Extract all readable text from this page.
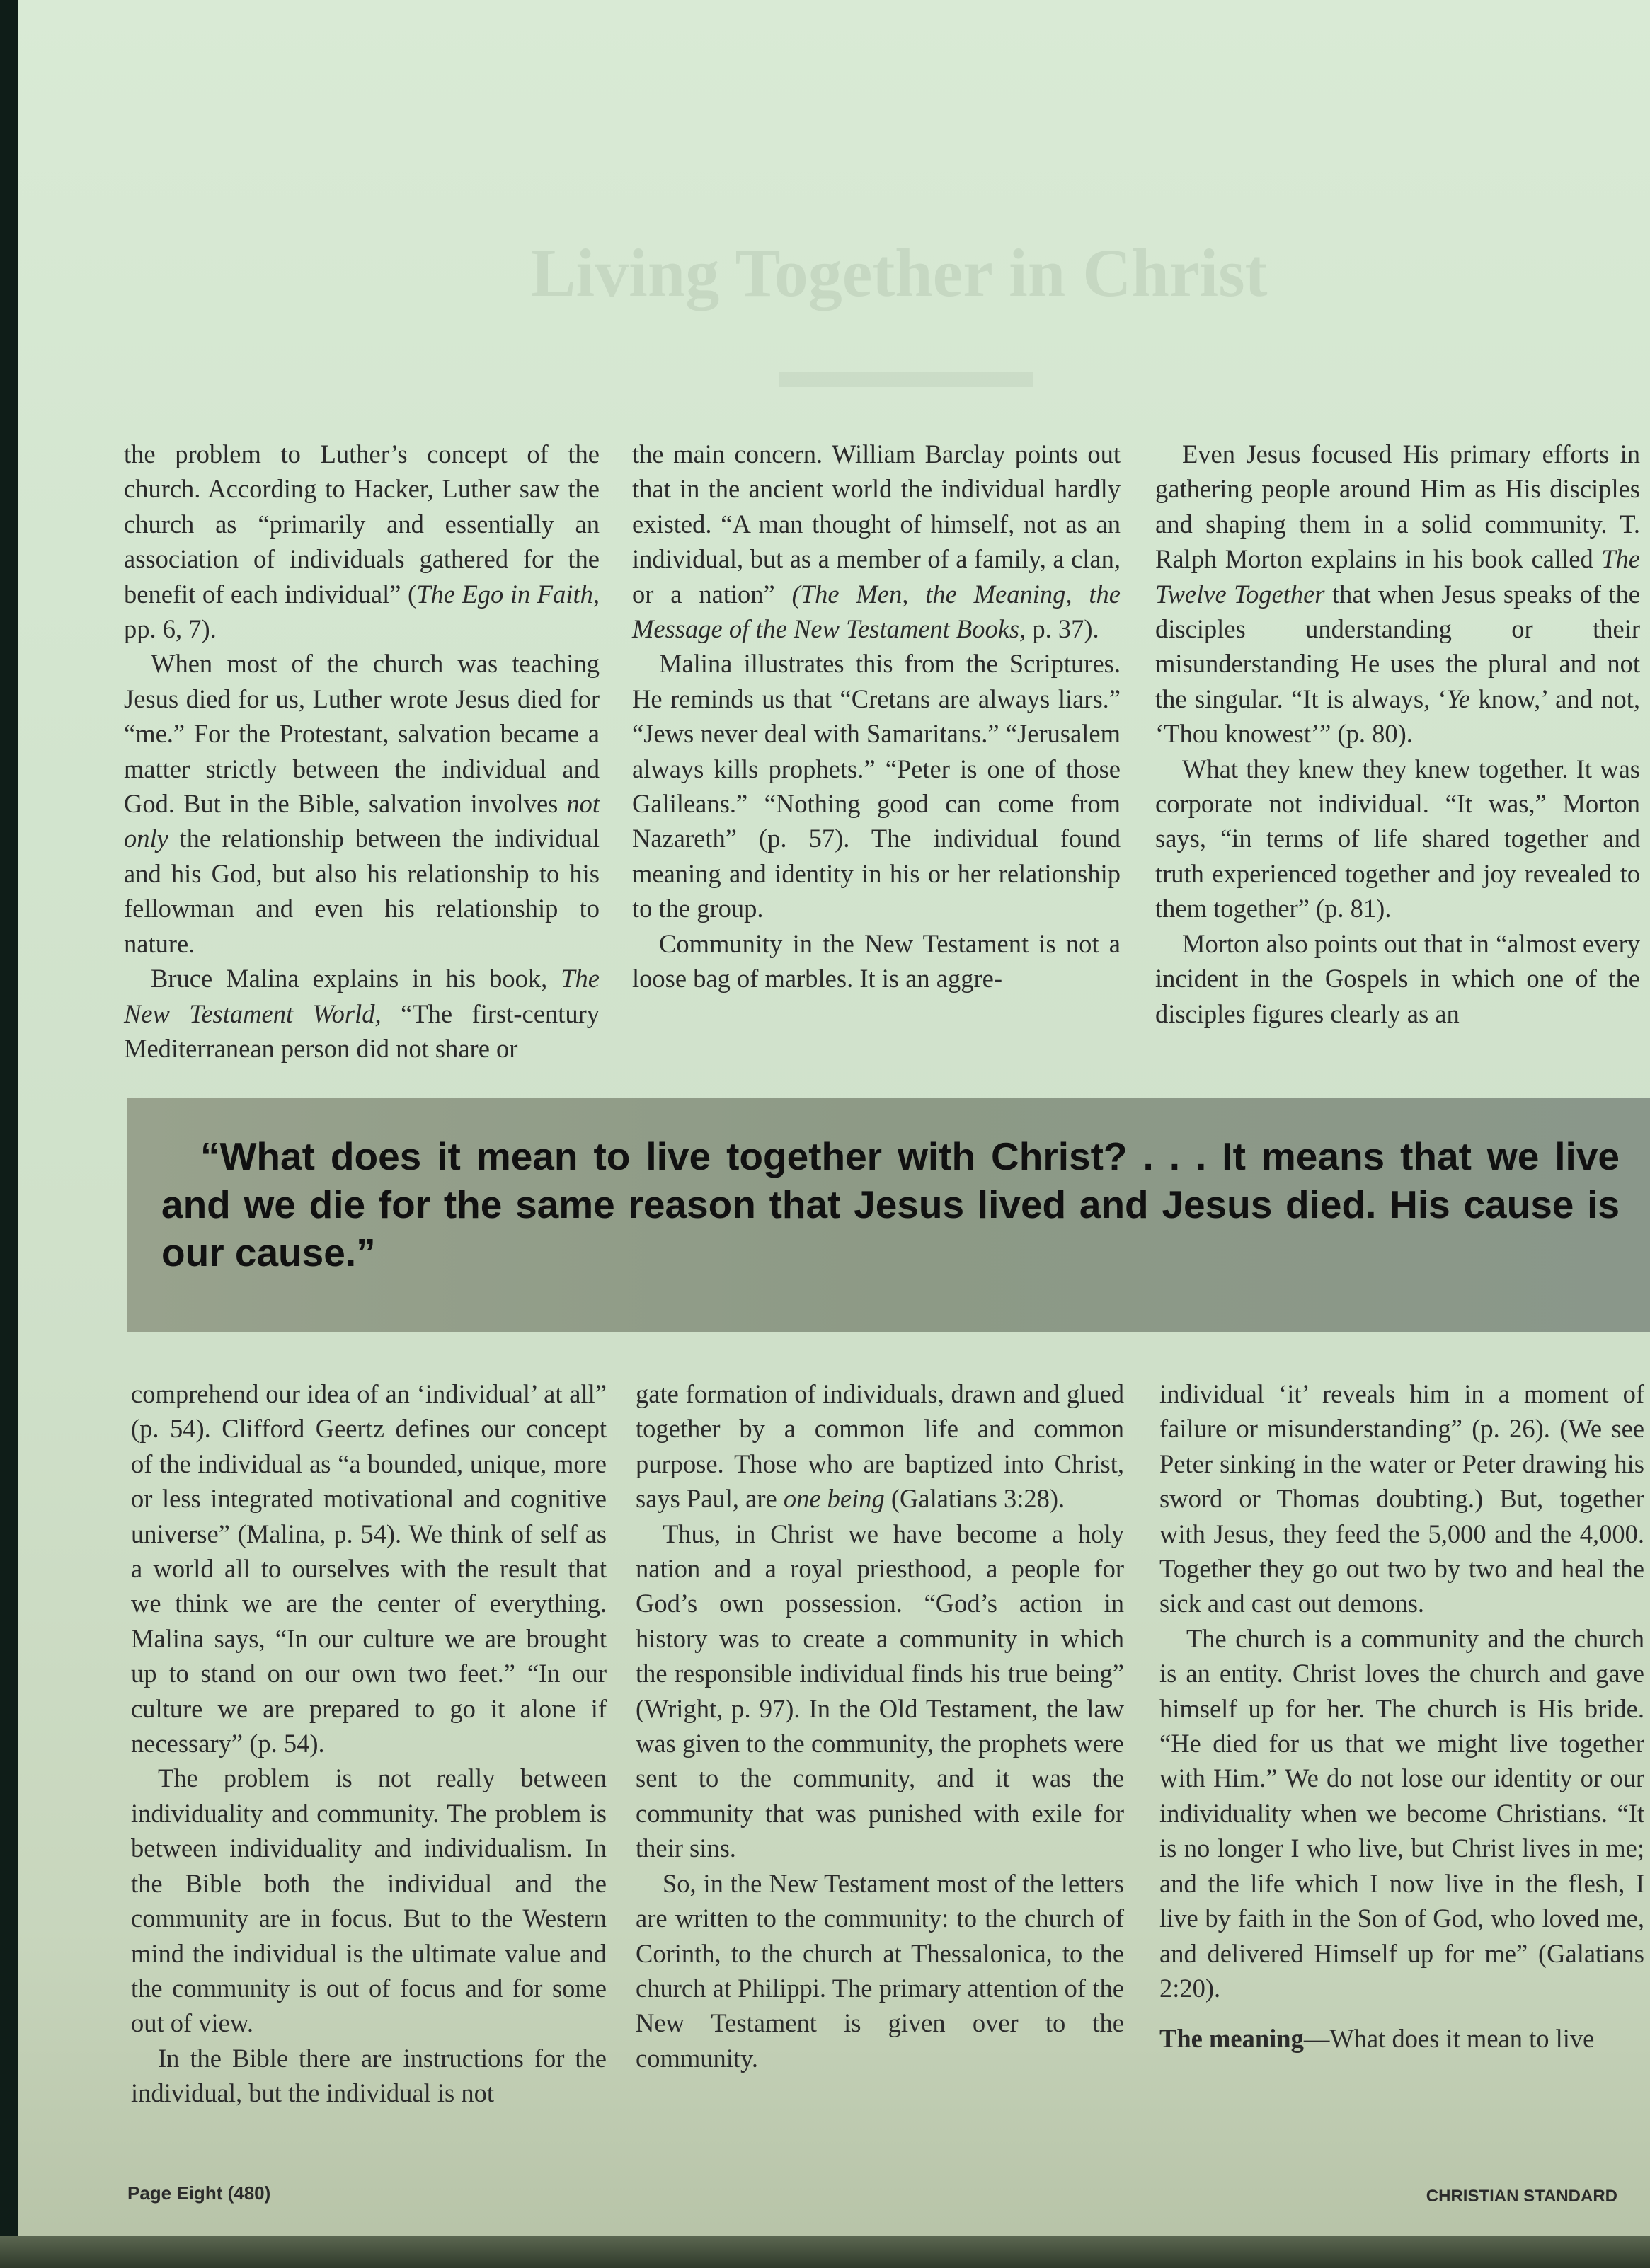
Living Together in Christ

the problem to Luther’s concept of the church. According to Hacker, Luther saw the church as “primarily and essentially an association of individuals gathered for the benefit of each individual” (The Ego in Faith, pp. 6, 7).

When most of the church was teaching Jesus died for us, Luther wrote Jesus died for “me.” For the Protestant, salvation became a matter strictly between the individual and God. But in the Bible, salvation involves not only the relationship between the individual and his God, but also his relationship to his fellowman and even his relationship to nature.

Bruce Malina explains in his book, The New Testament World, “The first-century Mediterranean person did not share or

the main concern. William Barclay points out that in the ancient world the individual hardly existed. “A man thought of himself, not as an individual, but as a member of a family, a clan, or a nation” (The Men, the Meaning, the Message of the New Testament Books, p. 37).

Malina illustrates this from the Scriptures. He reminds us that “Cretans are always liars.” “Jews never deal with Samaritans.” “Jerusalem always kills prophets.” “Peter is one of those Galileans.” “Nothing good can come from Nazareth” (p. 57). The individual found meaning and identity in his or her relationship to the group.

Community in the New Testament is not a loose bag of marbles. It is an aggre-

Even Jesus focused His primary efforts in gathering people around Him as His disciples and shaping them in a solid community. T. Ralph Morton explains in his book called The Twelve Together that when Jesus speaks of the disciples understanding or their misunderstanding He uses the plural and not the singular. “It is always, ‘Ye know,’ and not, ‘Thou knowest’” (p. 80).

What they knew they knew together. It was corporate not individual. “It was,” Morton says, “in terms of life shared together and truth experienced together and joy revealed to them together” (p. 81).

Morton also points out that in “almost every incident in the Gospels in which one of the disciples figures clearly as an

“What does it mean to live together with Christ? . . . It means that we live and we die for the same reason that Jesus lived and Jesus died. His cause is our cause.”

comprehend our idea of an ‘individual’ at all” (p. 54). Clifford Geertz defines our concept of the individual as “a bounded, unique, more or less integrated motivational and cognitive universe” (Malina, p. 54). We think of self as a world all to ourselves with the result that we think we are the center of everything. Malina says, “In our culture we are brought up to stand on our own two feet.” “In our culture we are prepared to go it alone if necessary” (p. 54).

The problem is not really between individuality and community. The problem is between individuality and individualism. In the Bible both the individual and the community are in focus. But to the Western mind the individual is the ultimate value and the community is out of focus and for some out of view.

In the Bible there are instructions for the individual, but the individual is not

gate formation of individuals, drawn and glued together by a common life and common purpose. Those who are baptized into Christ, says Paul, are one being (Galatians 3:28).

Thus, in Christ we have become a holy nation and a royal priesthood, a people for God’s own possession. “God’s action in history was to create a community in which the responsible individual finds his true being” (Wright, p. 97). In the Old Testament, the law was given to the community, the prophets were sent to the community, and it was the community that was punished with exile for their sins.

So, in the New Testament most of the letters are written to the community: to the church of Corinth, to the church at Thessalonica, to the church at Philippi. The primary attention of the New Testament is given over to the community.

individual ‘it’ reveals him in a moment of failure or misunderstanding” (p. 26). (We see Peter sinking in the water or Peter drawing his sword or Thomas doubting.) But, together with Jesus, they feed the 5,000 and the 4,000. Together they go out two by two and heal the sick and cast out demons.

The church is a community and the church is an entity. Christ loves the church and gave himself up for her. The church is His bride. “He died for us that we might live together with Him.” We do not lose our identity or our individuality when we become Christians. “It is no longer I who live, but Christ lives in me; and the life which I now live in the flesh, I live by faith in the Son of God, who loved me, and delivered Himself up for me” (Galatians 2:20).

The meaning—What does it mean to live

Page Eight (480)	CHRISTIAN STANDARD
